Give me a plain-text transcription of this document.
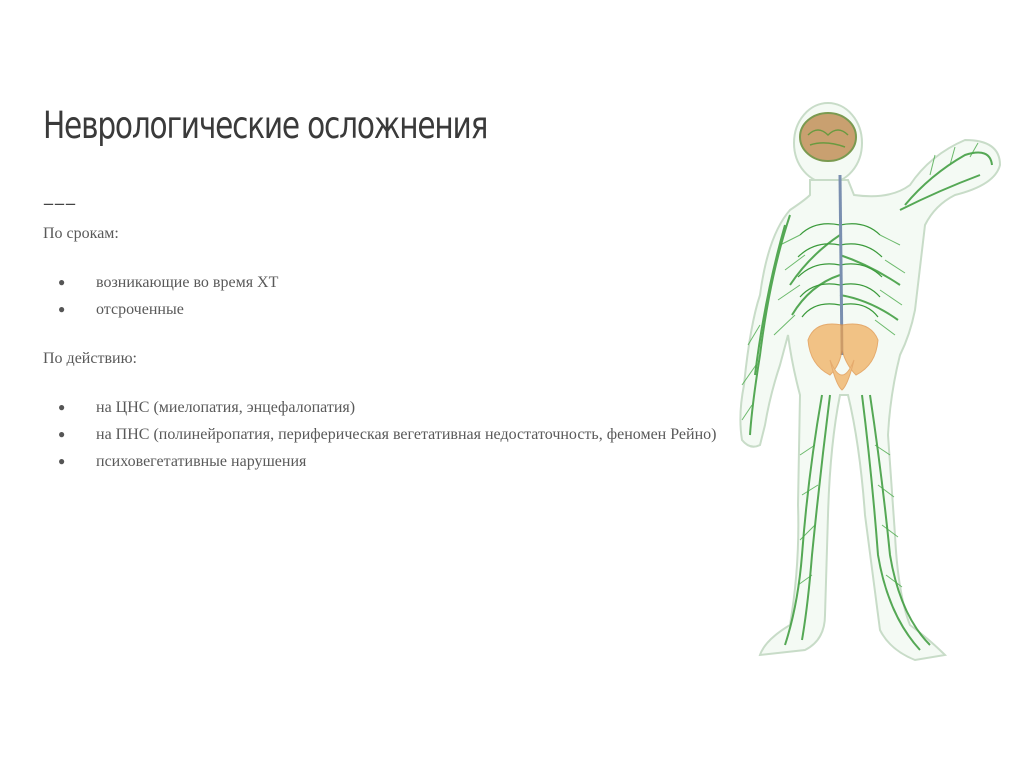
Неврологические осложнения
___

По срокам:

● возникающие во время ХТ
● отсроченные

По действию:

● на ЦНС (миелопатия, энцефалопатия)
● на ПНС (полинейропатия, периферическая вегетативная недостаточность, феномен Рейно)
● психовегетативные нарушения
